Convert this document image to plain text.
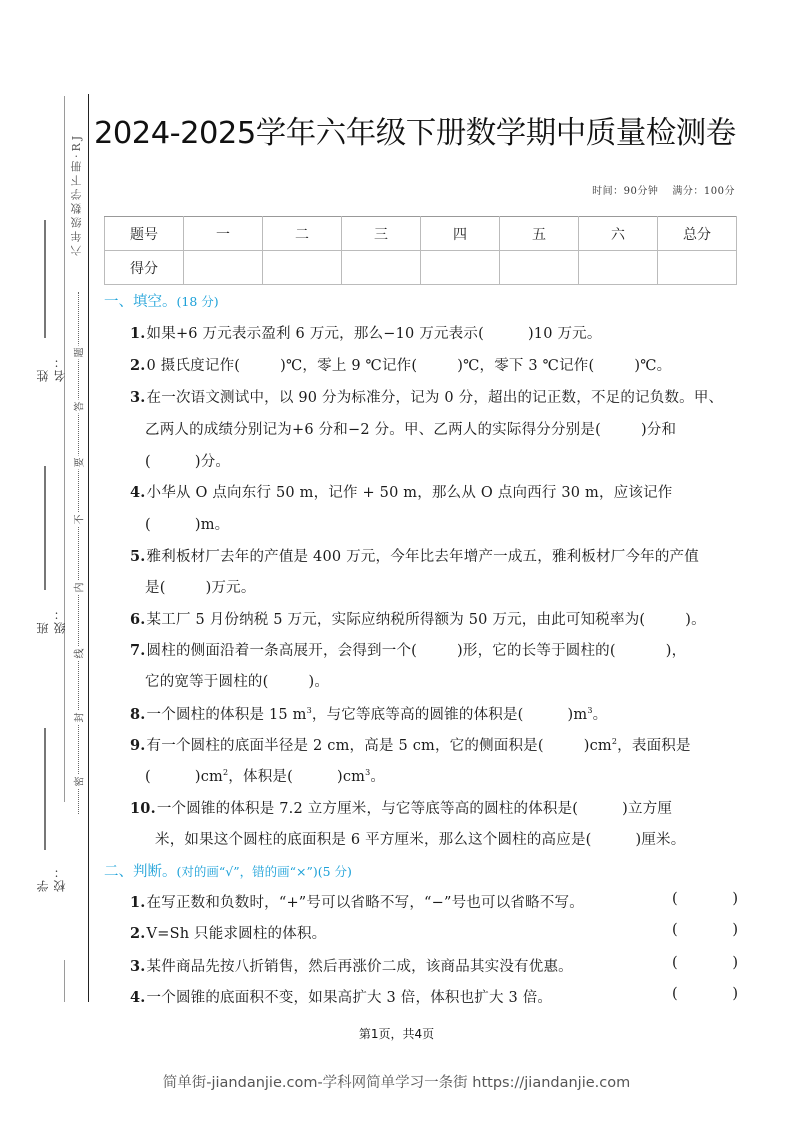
六年级数学下册·RJ
姓名：
班级：
学校：
题
答
要
不
内
线
封
密
2024-2025学年六年级下册数学期中质量检测卷
时间：90分钟 满分：100分
题号	一	二	三	四	五	六	总分
得分							
一、填空。(18 分)
1.如果+6 万元表示盈利 6 万元，那么−10 万元表示(	)10 万元。
2.0 摄氏度记作(	)℃，零上 9 ℃记作(	)℃，零下 3 ℃记作(	)℃。
3.在一次语文测试中，以 90 分为标准分，记为 0 分，超出的记正数，不足的记负数。甲、
乙两人的成绩分别记为+6 分和−2 分。甲、乙两人的实际得分分别是(	)分和
(	)分。
4.小华从 O 点向东行 50 m，记作 + 50 m，那么从 O 点向西行 30 m，应该记作
(	)m。
5.雅利板材厂去年的产值是 400 万元，今年比去年增产一成五，雅利板材厂今年的产值
是(	)万元。
6.某工厂 5 月份纳税 5 万元，实际应纳税所得额为 50 万元，由此可知税率为(	)。
7.圆柱的侧面沿着一条高展开，会得到一个(	)形，它的长等于圆柱的(	)，
它的宽等于圆柱的(	)。
8.一个圆柱的体积是 15 $m^3$，与它等底等高的圆锥的体积是(	)$m^3$。
9.有一个圆柱的底面半径是 2 cm，高是 5 cm，它的侧面积是(	)$cm^2$，表面积是
(	)$cm^2$，体积是(	)$cm^3$。
10.一个圆锥的体积是 7.2 立方厘米，与它等底等高的圆柱的体积是(	)立方厘
米，如果这个圆柱的底面积是 6 平方厘米，那么这个圆柱的高应是(	)厘米。
二、判断。(对的画“√”，错的画“×”)(5 分)
1.在写正数和负数时，“+”号可以省略不写，“−”号也可以省略不写。	(	)
2.V=Sh 只能求圆柱的体积。	(	)
3.某件商品先按八折销售，然后再涨价二成，该商品其实没有优惠。	(	)
4.一个圆锥的底面积不变，如果高扩大 3 倍，体积也扩大 3 倍。	(	)
第1页，共4页
简单街-jiandanjie.com-学科网简单学习一条街 https://jiandanjie.com
